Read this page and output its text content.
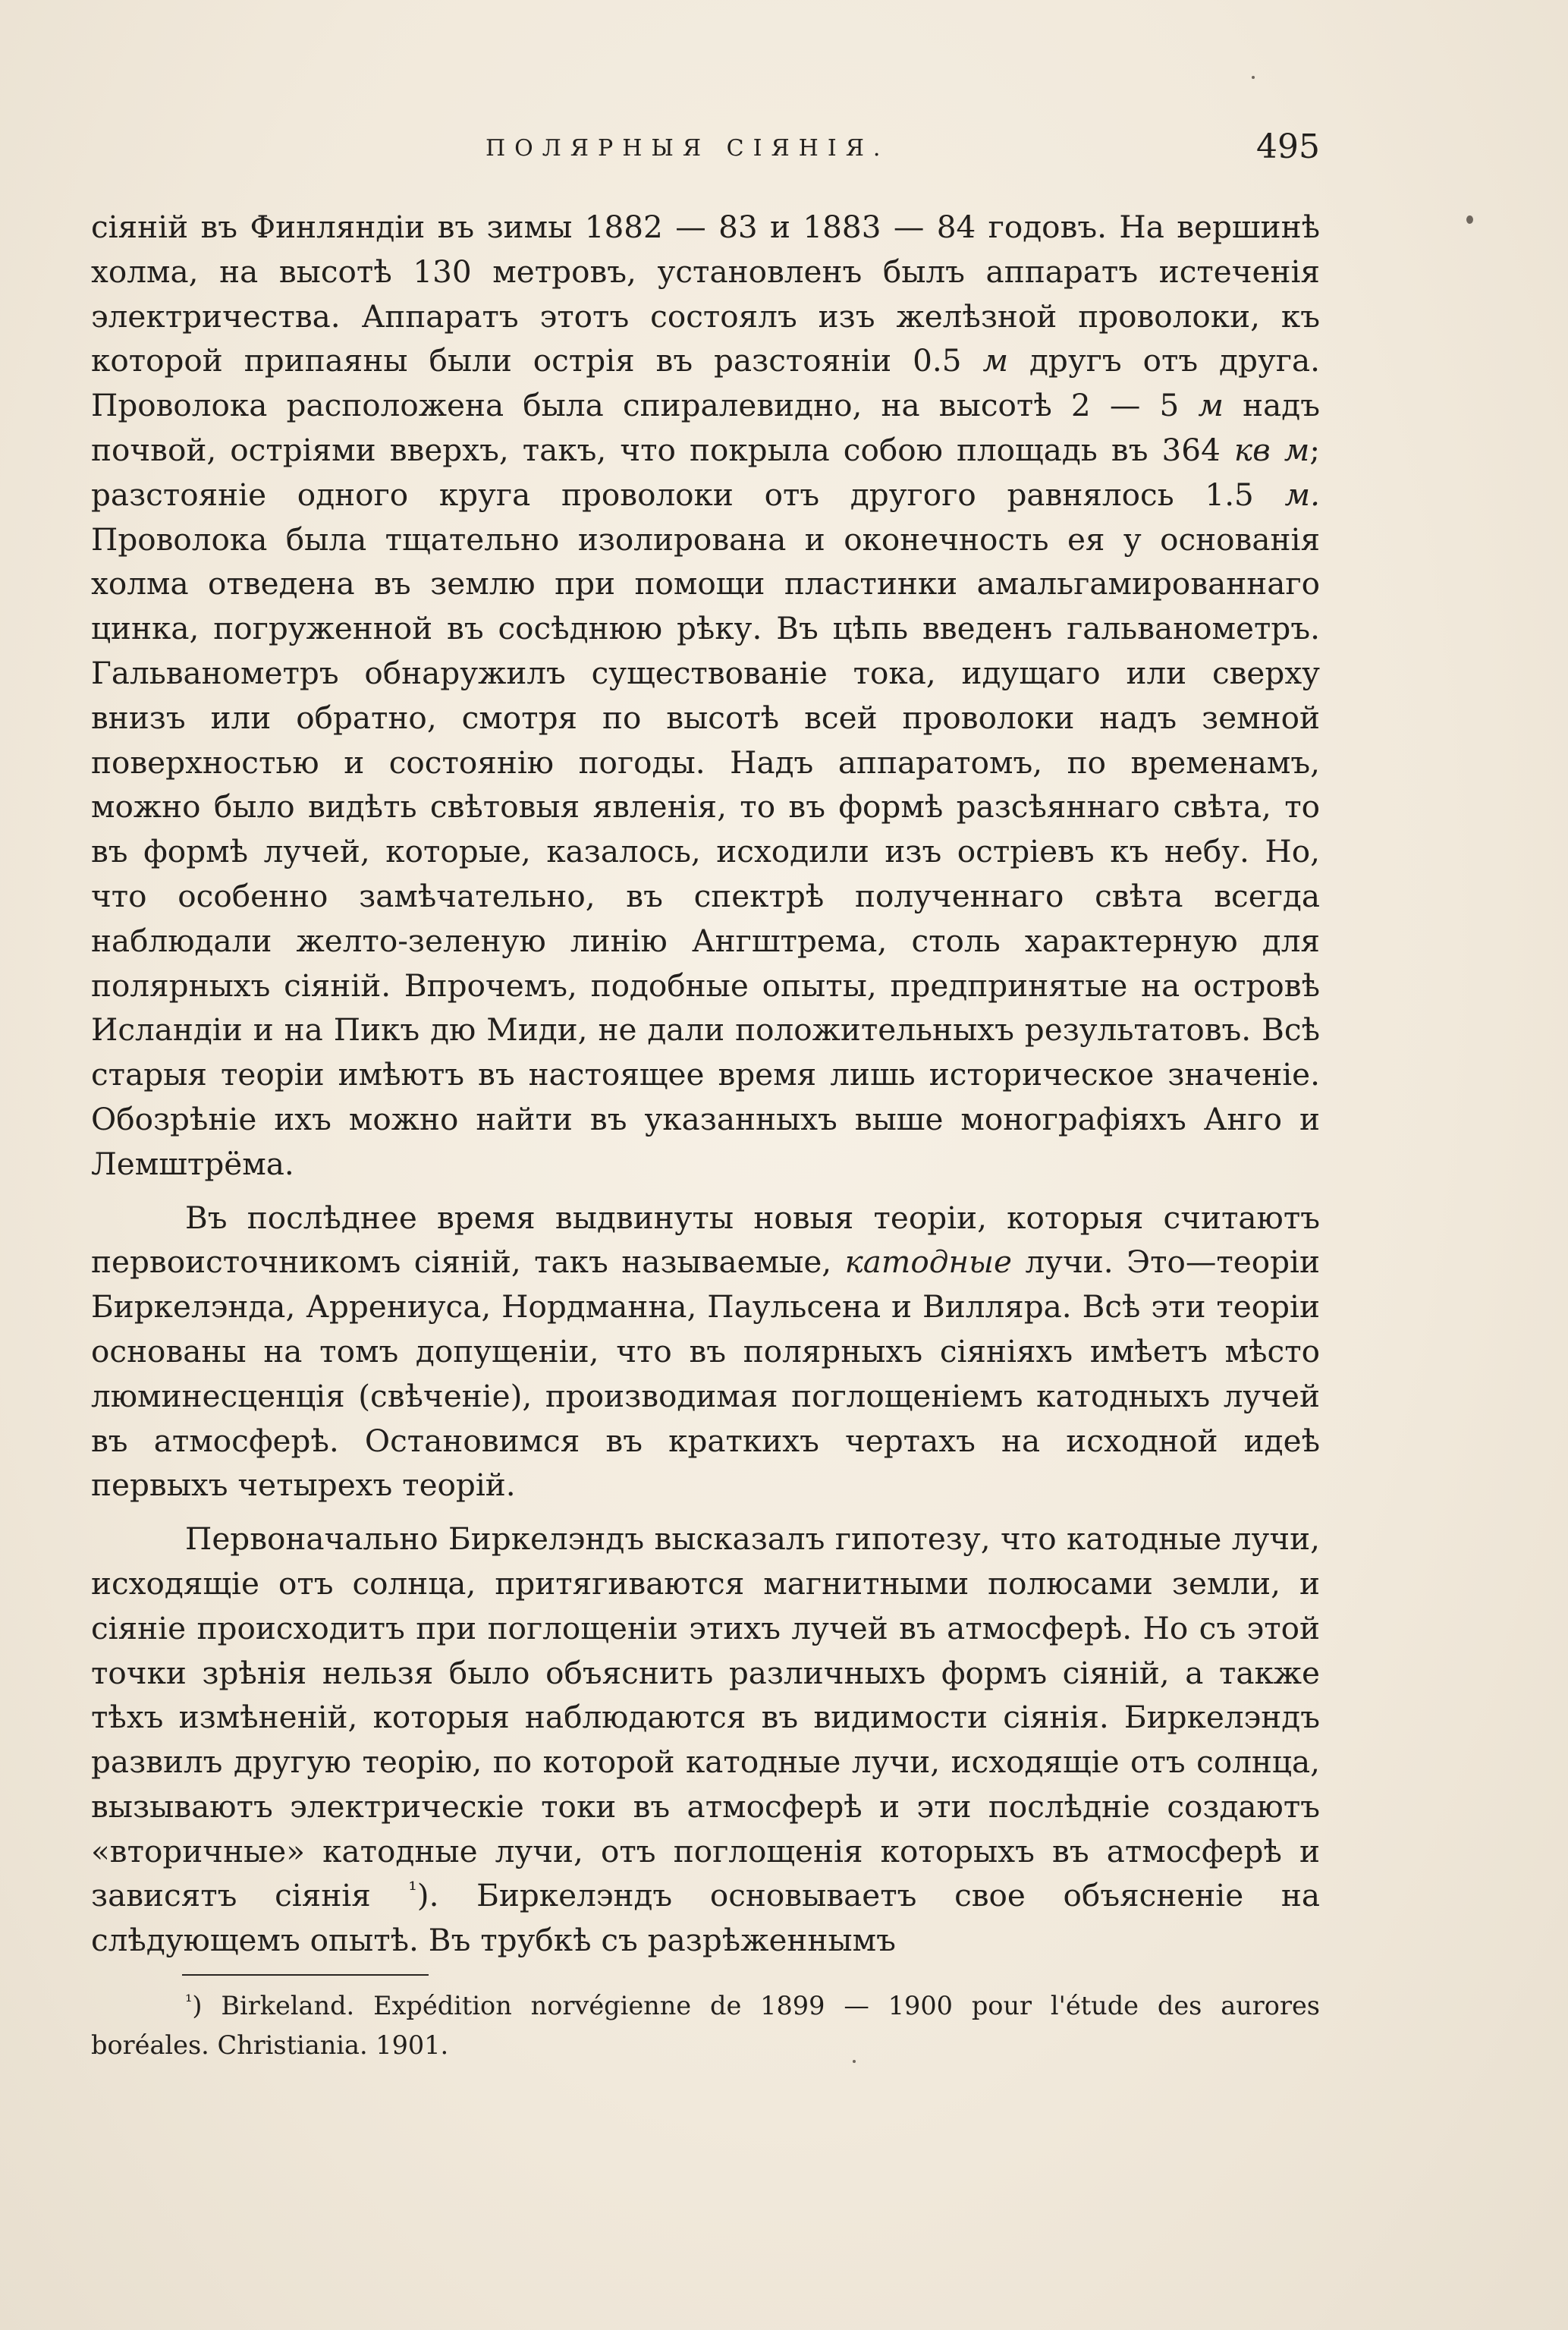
ПОЛЯРНЫЯ СІЯНІЯ.	495

сіяній въ Финляндіи въ зимы 1882 — 83 и 1883 — 84 годовъ. На вершинѣ холма, на высотѣ 130 метровъ, установленъ былъ аппаратъ истеченія электричества. Аппаратъ этотъ состоялъ изъ желѣзной проволоки, къ которой припаяны были острія въ разстояніи 0.5 м другъ отъ друга. Проволока расположена была спиралевидно, на высотѣ 2 — 5 м надъ почвой, остріями вверхъ, такъ, что покрыла собою площадь въ 364 кв м; разстояніе одного круга проволоки отъ другого равнялось 1.5 м. Проволока была тщательно изолирована и оконечность ея у основанія холма отведена въ землю при помощи пластинки амальгамированнаго цинка, погруженной въ сосѣднюю рѣку. Въ цѣпь введенъ гальванометръ. Гальванометръ обнаружилъ существованіе тока, идущаго или сверху внизъ или обратно, смотря по высотѣ всей проволоки надъ земной поверхностью и состоянію погоды. Надъ аппаратомъ, по временамъ, можно было видѣть свѣтовыя явленія, то въ формѣ разсѣяннаго свѣта, то въ формѣ лучей, которые, казалось, исходили изъ остріевъ къ небу. Но, что особенно замѣчательно, въ спектрѣ полученнаго свѣта всегда наблюдали желто-зеленую линію Ангштрема, столь характерную для полярныхъ сіяній. Впрочемъ, подобные опыты, предпринятые на островѣ Исландіи и на Пикъ дю Миди, не дали положительныхъ результатовъ. Всѣ старыя теоріи имѣютъ въ настоящее время лишь историческое значеніе. Обозрѣніе ихъ можно найти въ указанныхъ выше монографіяхъ Анго и Лемштрёма.

Въ послѣднее время выдвинуты новыя теоріи, которыя считаютъ первоисточникомъ сіяній, такъ называемые, катодные лучи. Это—теоріи Биркелэнда, Аррениуса, Нордманна, Паульсена и Вилляра. Всѣ эти теоріи основаны на томъ допущеніи, что въ полярныхъ сіяніяхъ имѣетъ мѣсто люминесценція (свѣченіе), производимая поглощеніемъ катодныхъ лучей въ атмосферѣ. Остановимся въ краткихъ чертахъ на исходной идеѣ первыхъ четырехъ теорій.

Первоначально Биркелэндъ высказалъ гипотезу, что катодные лучи, исходящіе отъ солнца, притягиваются магнитными полюсами земли, и сіяніе происходитъ при поглощеніи этихъ лучей въ атмосферѣ. Но съ этой точки зрѣнія нельзя было объяснить различныхъ формъ сіяній, а также тѣхъ измѣненій, которыя наблюдаются въ видимости сіянія. Биркелэндъ развилъ другую теорію, по которой катодные лучи, исходящіе отъ солнца, вызываютъ электрическіе токи въ атмосферѣ и эти послѣдніе создаютъ «вторичные» катодные лучи, отъ поглощенія которыхъ въ атмосферѣ и зависятъ сіянія $^{^1}$). Биркелэндъ основываетъ свое объясненіе на слѣдующемъ опытѣ. Въ трубкѣ съ разрѣженнымъ

$^{^1}$) Birkeland. Expédition norvégienne de 1899 — 1900 pour l'étude des aurores boréales. Christiania. 1901.
